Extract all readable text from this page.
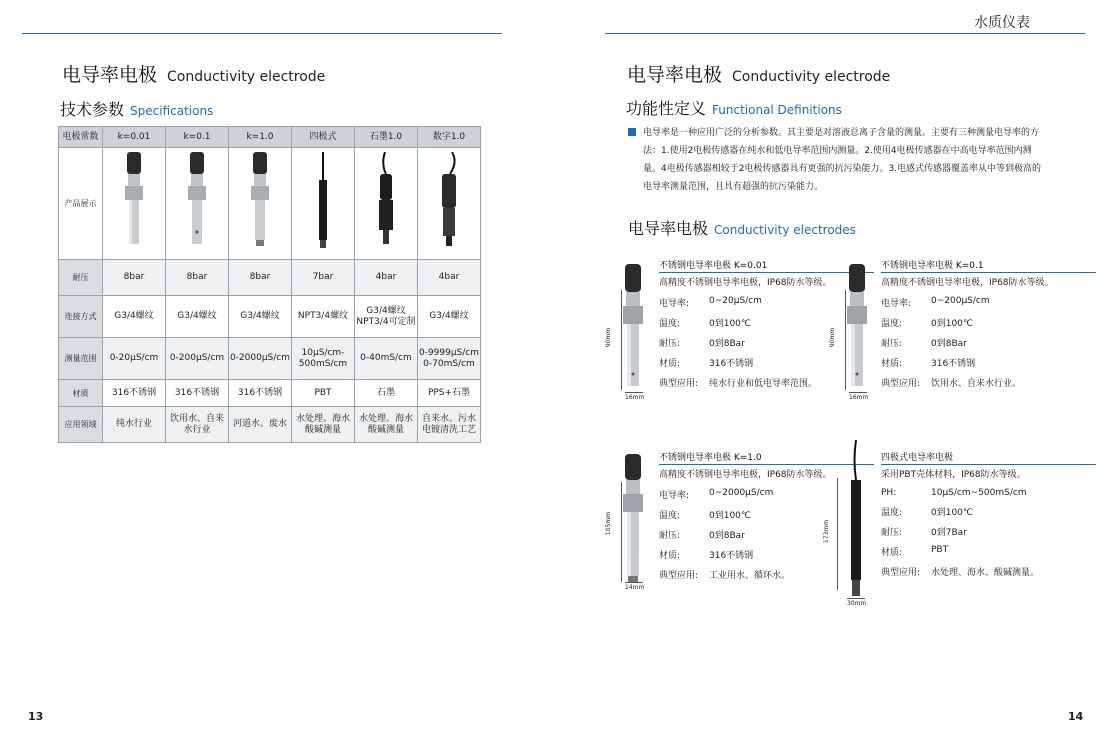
电导率电极 Conductivity electrode
技术参数 Specifications
电极常数	k=0.01	k=0.1	k=1.0	四极式	石墨1.0	数字1.0
产品展示						
耐压	8bar	8bar	8bar	7bar	4bar	4bar
连接方式	G3/4螺纹	G3/4螺纹	G3/4螺纹	NPT3/4螺纹	G3/4螺纹 NPT3/4可定制	G3/4螺纹
测量范围	0-20μS/cm	0-200μS/cm	0-2000μS/cm	10μS/cm-500mS/cm	0-40mS/cm	0-9999μS/cm 0-70mS/cm
材质	316不锈钢	316不锈钢	316不锈钢	PBT	石墨	PPS+石墨
应用领域	纯水行业	饮用水、自来水行业	河道水、废水	水处理、海水酸碱测量	水处理、海水酸碱测量	自来水、污水电镀清洗工艺
13
水质仪表
电导率电极 Conductivity electrode
功能性定义 Functional Definitions
电导率是一种应用广泛的分析参数。其主要是对溶液总离子含量的测量。主要有三种测量电导率的方法：1.使用2电极传感器在纯水和低电导率范围内测量。2.使用4电极传感器在中高电导率范围内测量。4电极传感器相较于2电极传感器具有更强的抗污染能力。3.电感式传感器覆盖率从中等到极高的电导率测量范围，且具有超强的抗污染能力。
电导率电极 Conductivity electrodes
90mm
16mm
不锈钢电导率电极 K=0.01
高精度不锈钢电导率电极，IP68防水等级。
电导率:	0~20μS/cm
温度:	0到100℃
耐压:	0到8Bar
材质:	316不锈钢
典型应用:	纯水行业和低电导率范围。
90mm
16mm
不锈钢电导率电极 K=0.1
高精度不锈钢电导率电极，IP68防水等级。
电导率:	0~200μS/cm
温度:	0到100℃
耐压:	0到8Bar
材质:	316不锈钢
典型应用:	饮用水、自来水行业。
105mm
14mm
不锈钢电导率电极 K=1.0
高精度不锈钢电导率电极，IP68防水等级。
电导率:	0~2000μS/cm
温度:	0到100℃
耐压:	0到8Bar
材质:	316不锈钢
典型应用:	工业用水、循环水。
173mm
30mm
四极式电导率电极
采用PBT壳体材料，IP68防水等级。
PH:	10μS/cm~500mS/cm
温度:	0到100℃
耐压:	0到7Bar
材质:	PBT
典型应用:	水处理、海水、酸碱测量。
14
